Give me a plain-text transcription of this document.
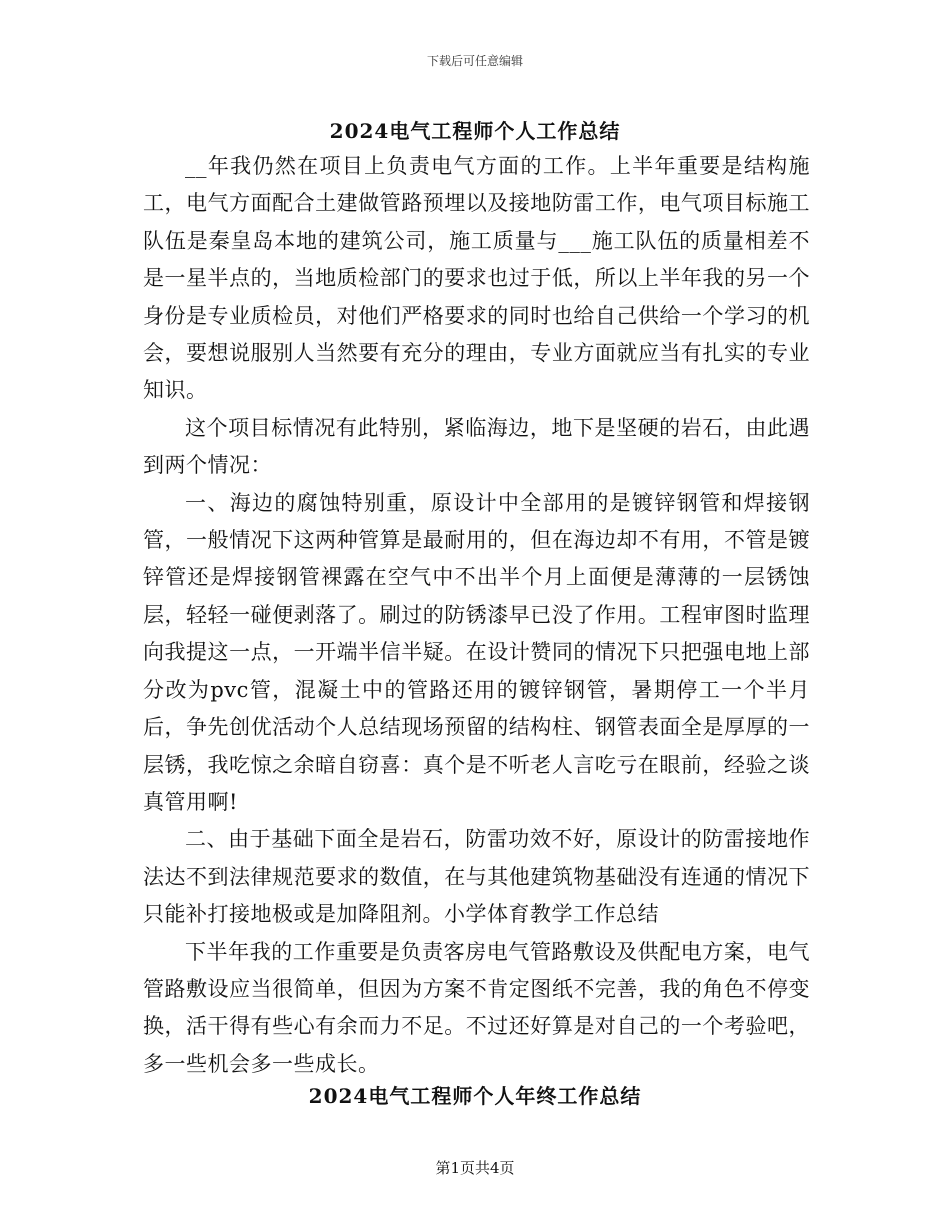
下载后可任意编辑
2024电气工程师个人工作总结

__年我仍然在项目上负责电气方面的工作。上半年重要是结构施工，电气方面配合土建做管路预埋以及接地防雷工作，电气项目标施工队伍是秦皇岛本地的建筑公司，施工质量与___施工队伍的质量相差不是一星半点的，当地质检部门的要求也过于低，所以上半年我的另一个身份是专业质检员，对他们严格要求的同时也给自己供给一个学习的机会，要想说服别人当然要有充分的理由，专业方面就应当有扎实的专业知识。

这个项目标情况有此特别，紧临海边，地下是坚硬的岩石，由此遇到两个情况：

一、海边的腐蚀特别重，原设计中全部用的是镀锌钢管和焊接钢管，一般情况下这两种管算是最耐用的，但在海边却不有用，不管是镀锌管还是焊接钢管裸露在空气中不出半个月上面便是薄薄的一层锈蚀层，轻轻一碰便剥落了。刷过的防锈漆早已没了作用。工程审图时监理向我提这一点，一开端半信半疑。在设计赞同的情况下只把强电地上部分改为pvc管，混凝土中的管路还用的镀锌钢管，暑期停工一个半月后，争先创优活动个人总结现场预留的结构柱、钢管表面全是厚厚的一层锈，我吃惊之余暗自窃喜：真个是不听老人言吃亏在眼前，经验之谈真管用啊!

二、由于基础下面全是岩石，防雷功效不好，原设计的防雷接地作法达不到法律规范要求的数值，在与其他建筑物基础没有连通的情况下只能补打接地极或是加降阻剂。小学体育教学工作总结

下半年我的工作重要是负责客房电气管路敷设及供配电方案，电气管路敷设应当很简单，但因为方案不肯定图纸不完善，我的角色不停变换，活干得有些心有余而力不足。不过还好算是对自己的一个考验吧，多一些机会多一些成长。

2024电气工程师个人年终工作总结
第1页共4页
